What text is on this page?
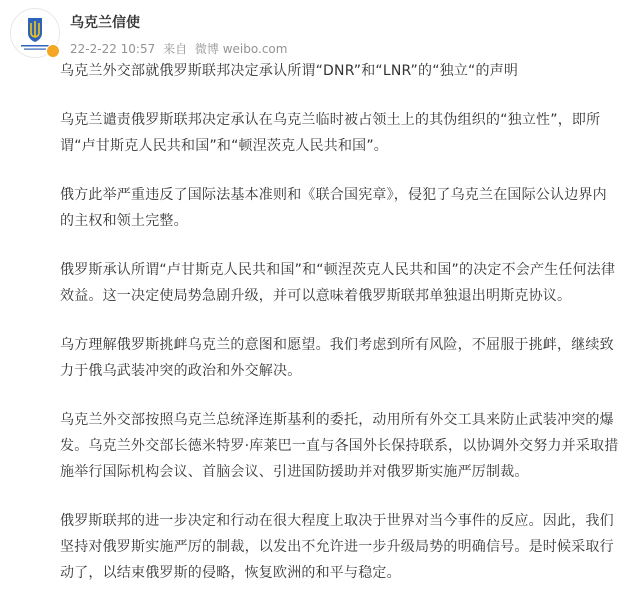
乌克兰信使
22-2-22 10:57 来自 微博 weibo.com

乌克兰外交部就俄罗斯联邦决定承认所谓“DNR”和“LNR”的“独立“的声明

乌克兰谴责俄罗斯联邦决定承认在乌克兰临时被占领土上的其伪组织的“独立性”，即所谓“卢甘斯克人民共和国”和“顿涅茨克人民共和国”。

俄方此举严重违反了国际法基本准则和《联合国宪章》，侵犯了乌克兰在国际公认边界内的主权和领土完整。

俄罗斯承认所谓“卢甘斯克人民共和国”和“顿涅茨克人民共和国”的决定不会产生任何法律效益。这一决定使局势急剧升级，并可以意味着俄罗斯联邦单独退出明斯克协议。

乌方理解俄罗斯挑衅乌克兰的意图和愿望。我们考虑到所有风险，不屈服于挑衅，继续致力于俄乌武装冲突的政治和外交解决。

乌克兰外交部按照乌克兰总统泽连斯基利的委托，动用所有外交工具来防止武装冲突的爆发。乌克兰外交部长德米特罗·库莱巴一直与各国外长保持联系，以协调外交努力并采取措施举行国际机构会议、首脑会议、引进国防援助并对俄罗斯实施严厉制裁。

俄罗斯联邦的进一步决定和行动在很大程度上取决于世界对当今事件的反应。因此，我们坚持对俄罗斯实施严厉的制裁，以发出不允许进一步升级局势的明确信号。是时候采取行动了，以结束俄罗斯的侵略，恢复欧洲的和平与稳定。
